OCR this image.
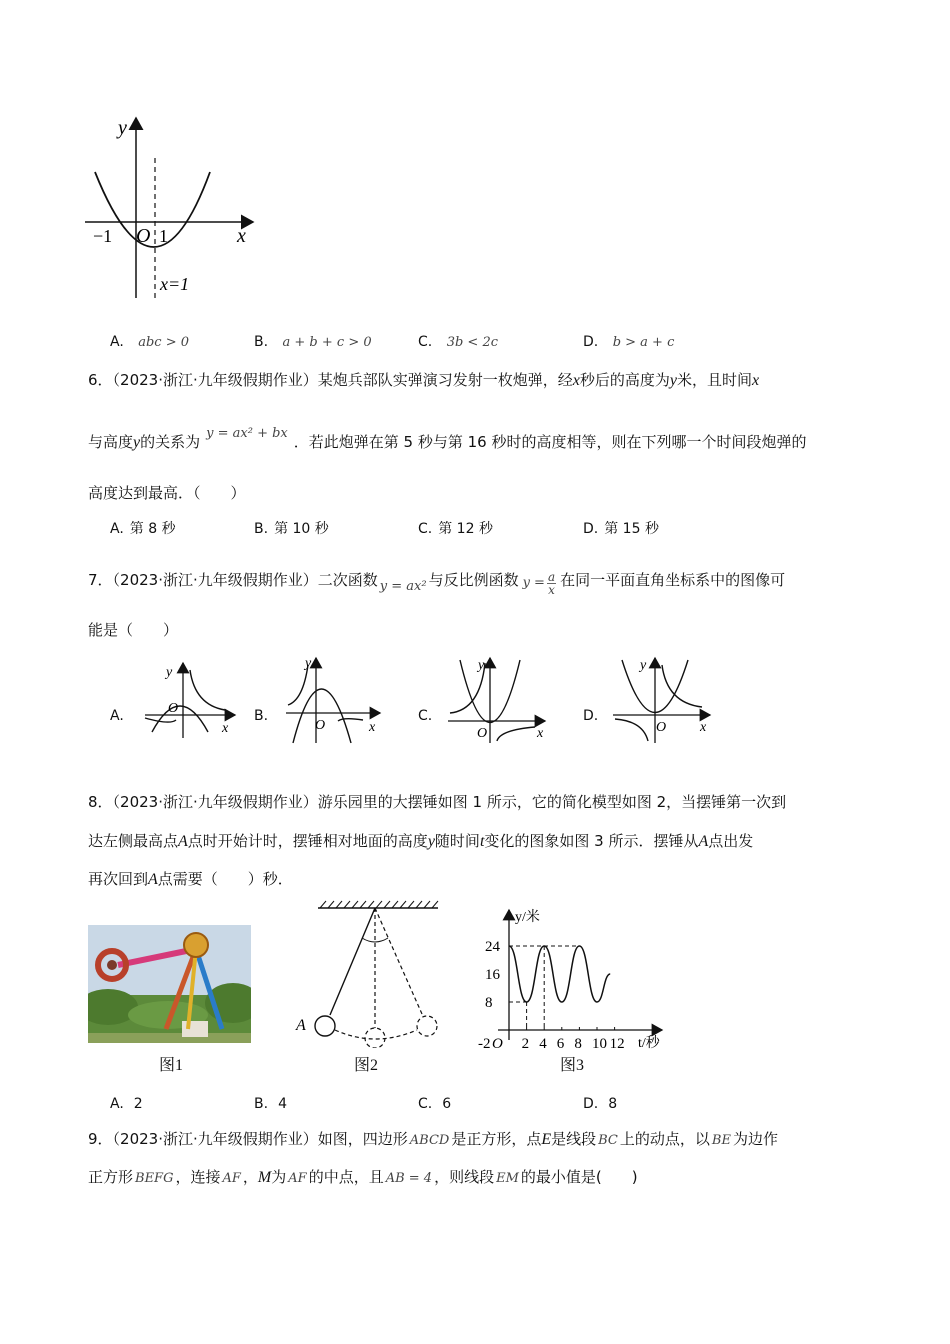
y
x
−1 O 1
x=1
A. abc > 0	B. a + b + c > 0	C. 3b < 2c	D. b > a + c
6．（2023·浙江·九年级假期作业）某炮兵部队实弹演习发射一枚炮弹，经x秒后的高度为y米，且时间x
与高度y的关系为 y = ax² + bx ．若此炮弹在第 5 秒与第 16 秒时的高度相等，则在下列哪一个时间段炮弹的
高度达到最高．（　　）
A. 第 8 秒	B. 第 10 秒	C. 第 12 秒	D. 第 15 秒
7．（2023·浙江·九年级假期作业）二次函数 y = ax² 与反比例函数 $y = \frac{a}{x}$ 在同一平面直角坐标系中的图像可
能是（　　）
A.
y
x
O	B.
y
x
O
C.
y
x
O
D.
y
x
O
8．（2023·浙江·九年级假期作业）游乐园里的大摆锤如图 1 所示，它的简化模型如图 2，当摆锤第一次到
达左侧最高点A点时开始计时，摆锤相对地面的高度y随时间t变化的图象如图 3 所示．摆锤从A点出发
再次回到A点需要（　　）秒．
图1
A
图2
y/米
t/秒
O
24
16
8
-2 2 4 6 8 10 12
图3
A. 2	B. 4	C. 6	D. 8
9．（2023·浙江·九年级假期作业）如图，四边形 ABCD 是正方形，点E是线段 BC 上的动点，以 BE 为边作
正方形 BEFG ，连接 AF ，M为 AF 的中点，且 AB = 4 ，则线段 EM 的最小值是(　　)
